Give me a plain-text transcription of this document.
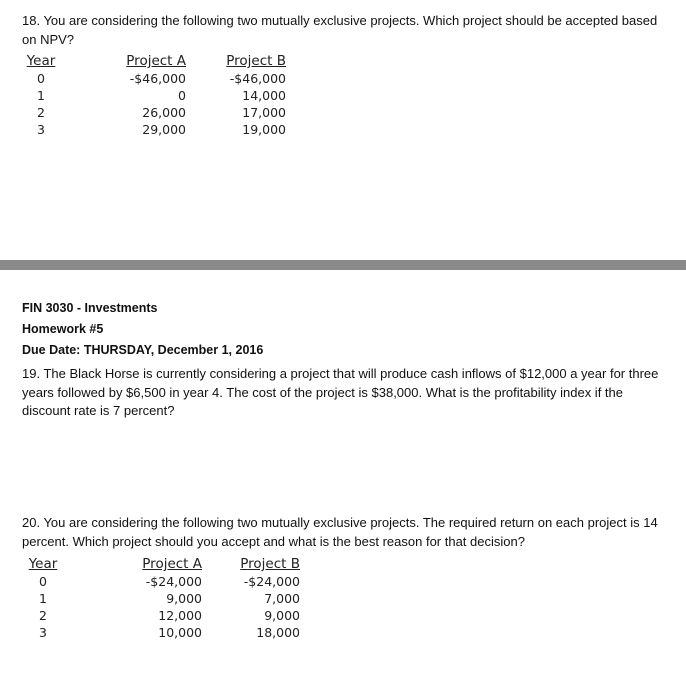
18. You are considering the following two mutually exclusive projects. Which project should be accepted based on NPV?

Year
0
1
2
3
Project A
-$46,000
0
26,000
29,000
Project B
-$46,000
14,000
17,000
19,000
FIN 3030 - Investments
Homework #5
Due Date: THURSDAY, December 1, 2016

19. The Black Horse is currently considering a project that will produce cash inflows of $12,000 a year for three years followed by $6,500 in year 4. The cost of the project is $38,000. What is the profitability index if the discount rate is 7 percent?

20. You are considering the following two mutually exclusive projects. The required return on each project is 14 percent. Which project should you accept and what is the best reason for that decision?

Year
0
1
2
3
Project A
-$24,000
9,000
12,000
10,000
Project B
-$24,000
7,000
9,000
18,000
